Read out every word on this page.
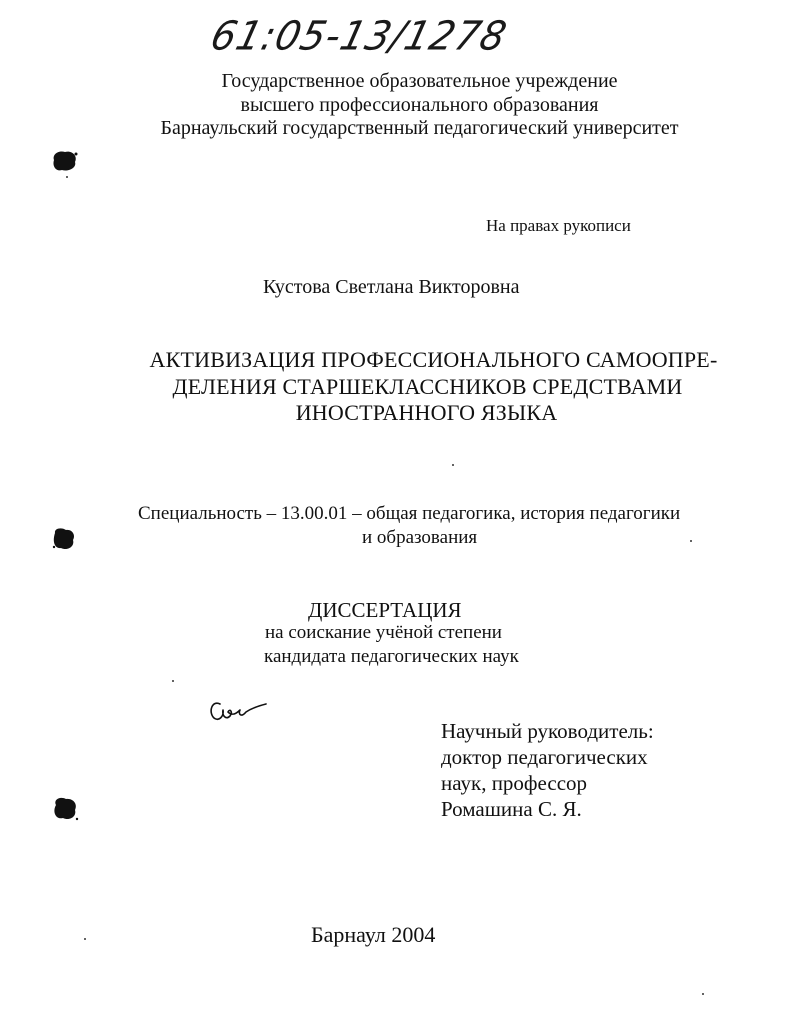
61:05-13/1278
Государственное образовательное учреждение
высшего профессионального образования
Барнаульский государственный педагогический университет
На правах рукописи
Кустова Светлана Викторовна
АКТИВИЗАЦИЯ ПРОФЕССИОНАЛЬНОГО САМООПРЕ-
ДЕЛЕНИЯ СТАРШЕКЛАССНИКОВ СРЕДСТВАМИ
ИНОСТРАННОГО ЯЗЫКА
Специальность – 13.00.01 – общая педагогика, история педагогики
и образования
ДИССЕРТАЦИЯ
на соискание учёной степени
кандидата педагогических наук
Научный руководитель:
доктор педагогических
наук, профессор
Ромашина С. Я.
Барнаул 2004
